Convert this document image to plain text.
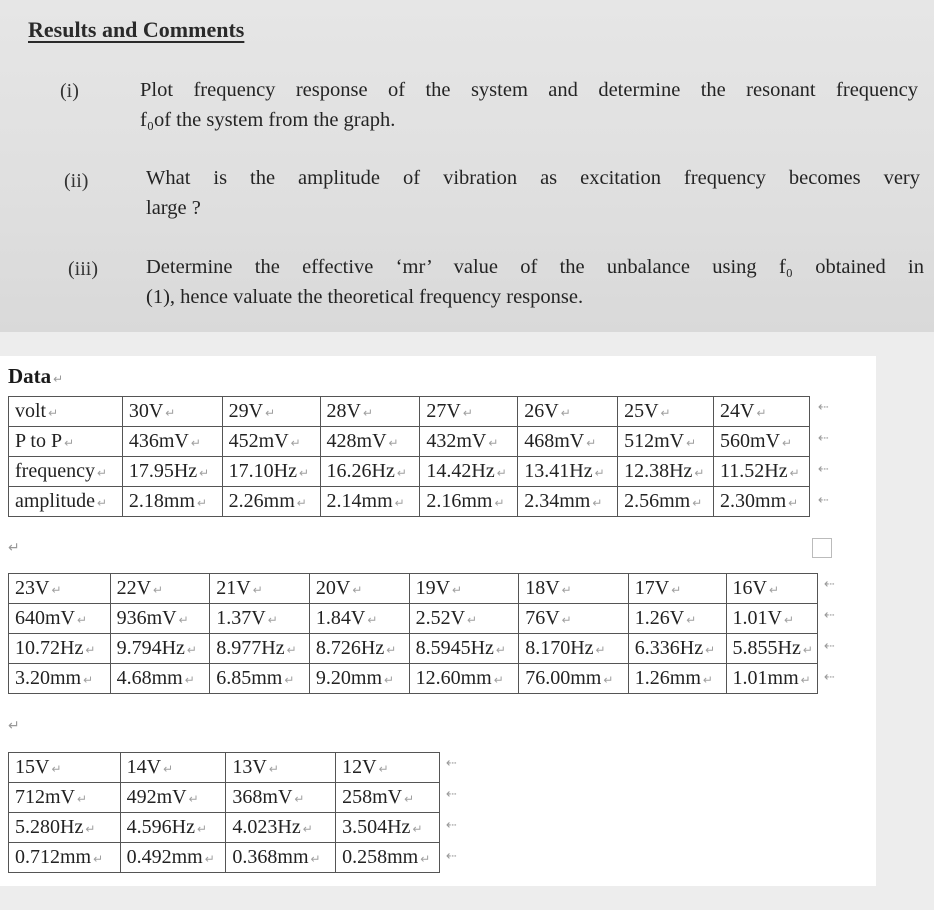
Results and Comments
(i)	Plot frequency response of the system and determine the resonant frequency
f₀of the system from the graph.
(ii)	What is the amplitude of vibration as excitation frequency becomes very
large ?
(iii) Determine the effective ‘mr’ value of the unbalance using f₀ obtained in
(1), hence valuate the theoretical frequency response.
Data ↵
volt ↵	30V ↵	29V ↵	28V ↵	27V ↵	26V ↵	25V ↵	24V ↵
P to P ↵	436mV ↵	452mV ↵	428mV ↵	432mV ↵	468mV ↵	512mV ↵	560mV ↵
frequency ↵	17.95Hz ↵	17.10Hz ↵	16.26Hz ↵	14.42Hz ↵	13.41Hz ↵	12.38Hz ↵	11.52Hz ↵
amplitude ↵	2.18mm ↵	2.26mm ↵	2.14mm ↵	2.16mm ↵	2.34mm ↵	2.56mm ↵	2.30mm ↵
23V ↵	22V ↵	21V ↵	20V ↵	19V ↵	18V ↵	17V ↵	16V ↵
640mV ↵	936mV ↵	1.37V ↵	1.84V ↵	2.52V ↵	76V ↵	1.26V ↵	1.01V ↵
10.72Hz ↵	9.794Hz ↵	8.977Hz ↵	8.726Hz ↵	8.5945Hz ↵	8.170Hz ↵	6.336Hz ↵	5.855Hz ↵
3.20mm ↵	4.68mm ↵	6.85mm ↵	9.20mm ↵	12.60mm ↵	76.00mm ↵	1.26mm ↵	1.01mm ↵
15V ↵	14V ↵	13V ↵	12V ↵
712mV ↵	492mV ↵	368mV ↵	258mV ↵
5.280Hz ↵	4.596Hz ↵	4.023Hz ↵	3.504Hz ↵
0.712mm ↵	0.492mm ↵	0.368mm ↵	0.258mm ↵
⇠
⇠
⇠
⇠
⇠
⇠
⇠
⇠
⇠
⇠
⇠
⇠
↵
↵
